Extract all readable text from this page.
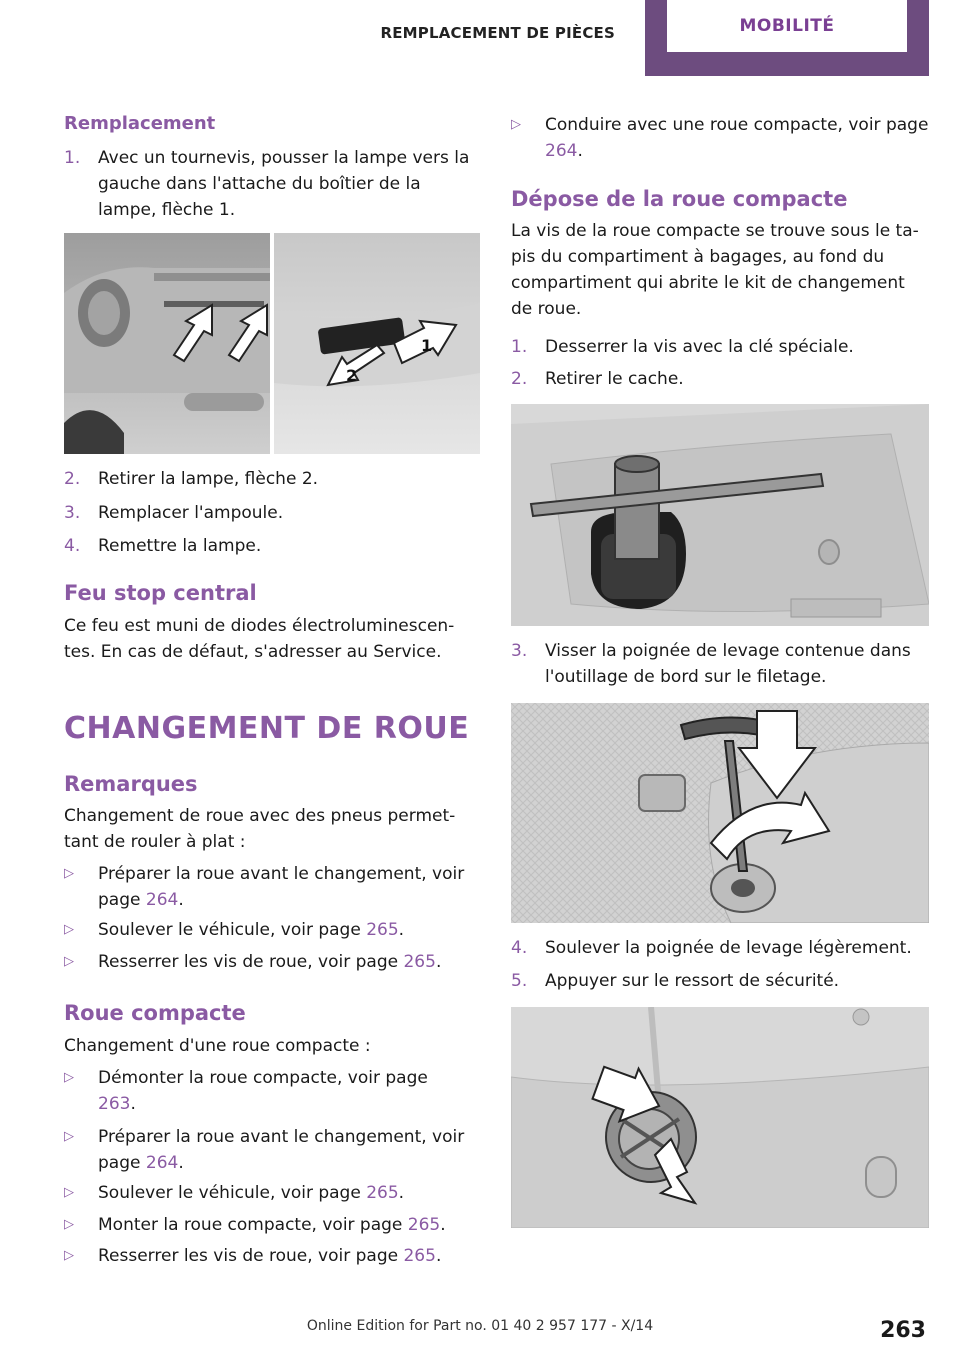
REMPLACEMENT DE PIÈCES	MOBILITÉ
Remplacement
1. Avec un tournevis, pousser la lampe vers la gauche dans l'attache du boîtier de la lampe, flèche 1.
1
2
2. Retirer la lampe, flèche 2.
3. Remplacer l'ampoule.
4. Remettre la lampe.
Feu stop central
Ce feu est muni de diodes électroluminescen‐tes. En cas de défaut, s'adresser au Service.
CHANGEMENT DE ROUE
Remarques
Changement de roue avec des pneus permet‐tant de rouler à plat :
▷ Préparer la roue avant le changement, voir page 264.
▷ Soulever le véhicule, voir page 265.
▷ Resserrer les vis de roue, voir page 265.
Roue compacte
Changement d'une roue compacte :
▷ Démonter la roue compacte, voir page 263.
▷ Préparer la roue avant le changement, voir page 264.
▷ Soulever le véhicule, voir page 265.
▷ Monter la roue compacte, voir page 265.
▷ Resserrer les vis de roue, voir page 265.
▷ Conduire avec une roue compacte, voir page 264.
Dépose de la roue compacte
La vis de la roue compacte se trouve sous le ta‐pis du compartiment à bagages, au fond du compartiment qui abrite le kit de changement de roue.
1. Desserrer la vis avec la clé spéciale.
2. Retirer le cache.
3. Visser la poignée de levage contenue dans l'outillage de bord sur le filetage.
4. Soulever la poignée de levage légèrement.
5. Appuyer sur le ressort de sécurité.
Online Edition for Part no. 01 40 2 957 177 - X/14	263
